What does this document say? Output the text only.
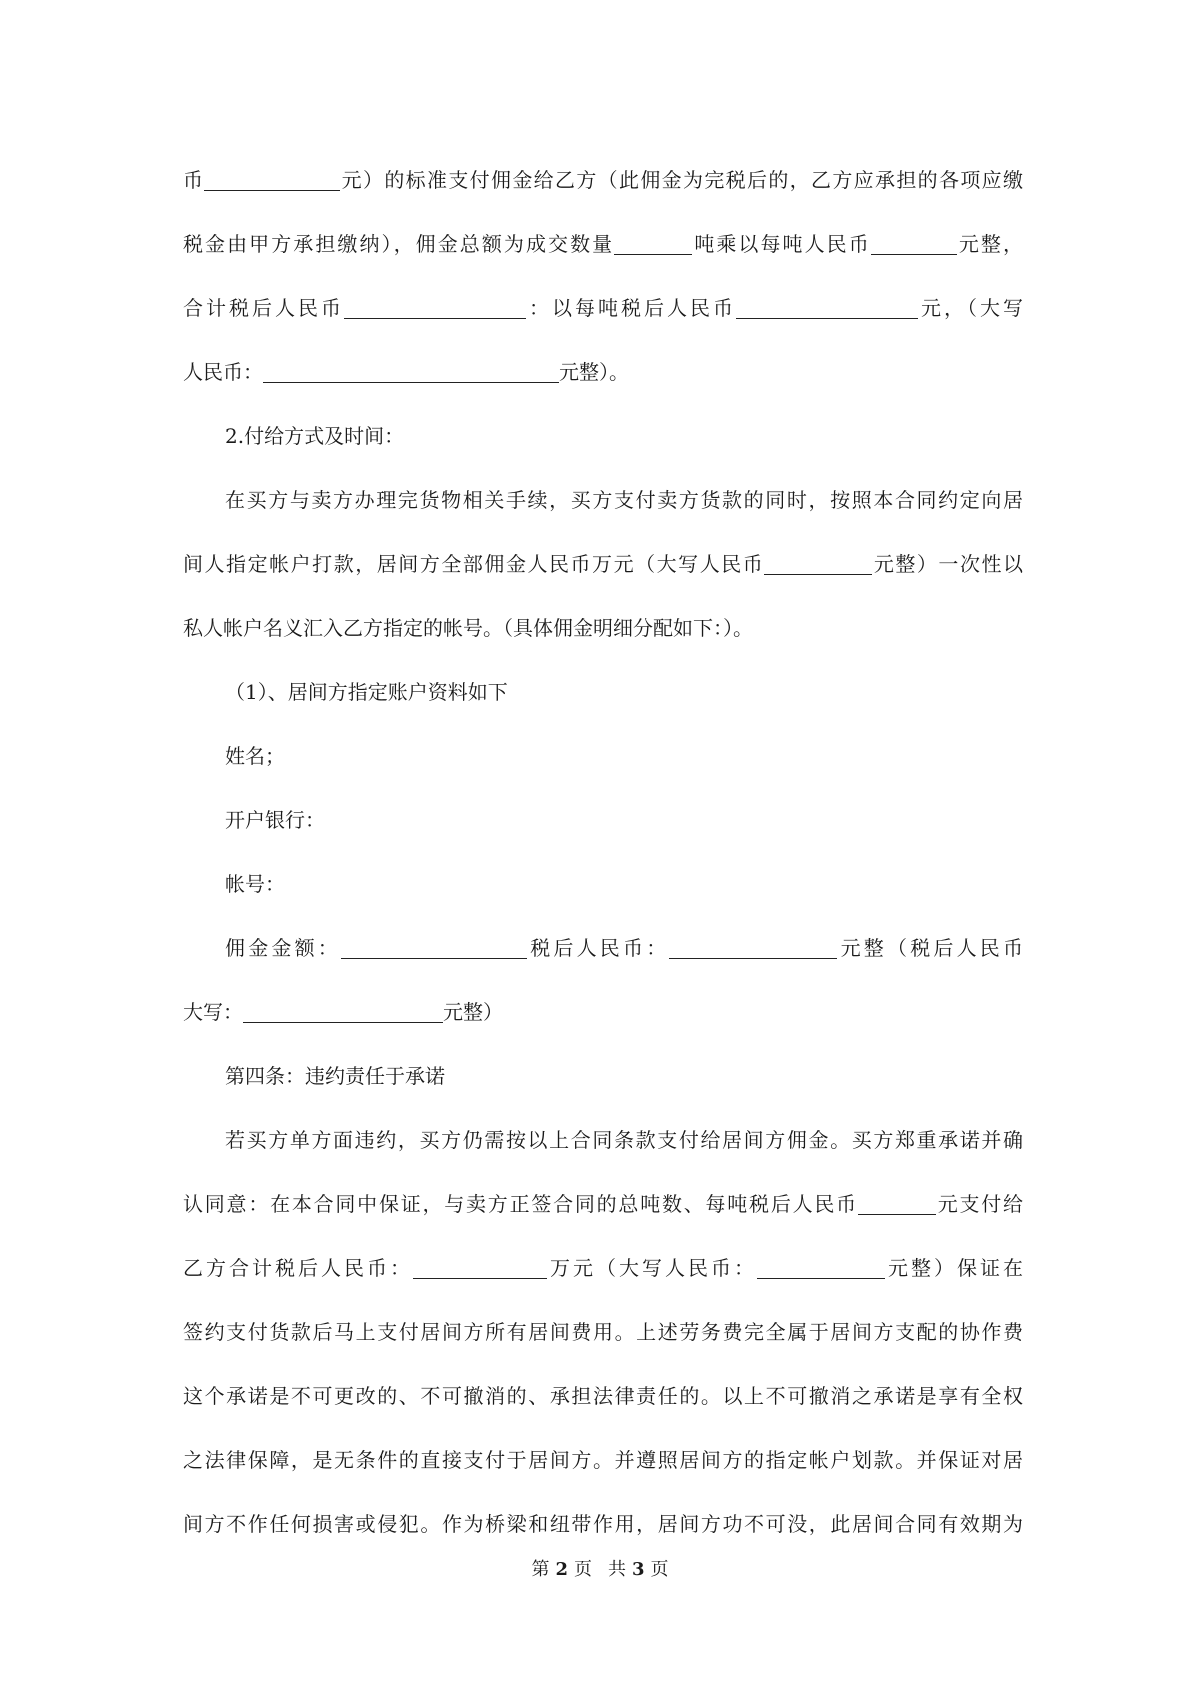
币	元）的标准支付佣金给乙方（此佣金为完税后的，乙方应承担的各项应缴
税金由甲方承担缴纳），佣金总额为成交数量	吨乘以每吨人民币	元整，
合计税后人民币	：以每吨税后人民币	元，（大写
人民币：	元整）。
2.付给方式及时间：
在买方与卖方办理完货物相关手续，买方支付卖方货款的同时，按照本合同约定向居
间人指定帐户打款，居间方全部佣金人民币万元（大写人民币	元整）一次性以
私人帐户名义汇入乙方指定的帐号。（具体佣金明细分配如下：）。
（1）、居间方指定账户资料如下
姓名；
开户银行：
帐号：
佣金金额：	税后人民币：	元整（税后人民币
大写：	元整）
第四条：违约责任于承诺
若买方单方面违约，买方仍需按以上合同条款支付给居间方佣金。买方郑重承诺并确
认同意：在本合同中保证，与卖方正签合同的总吨数、每吨税后人民币	元支付给
乙方合计税后人民币：	万元（大写人民币：	元整）保证在
签约支付货款后马上支付居间方所有居间费用。上述劳务费完全属于居间方支配的协作费
这个承诺是不可更改的、不可撤消的、承担法律责任的。以上不可撤消之承诺是享有全权
之法律保障，是无条件的直接支付于居间方。并遵照居间方的指定帐户划款。并保证对居
间方不作任何损害或侵犯。作为桥梁和纽带作用，居间方功不可没，此居间合同有效期为
第 2 页 共 3 页
